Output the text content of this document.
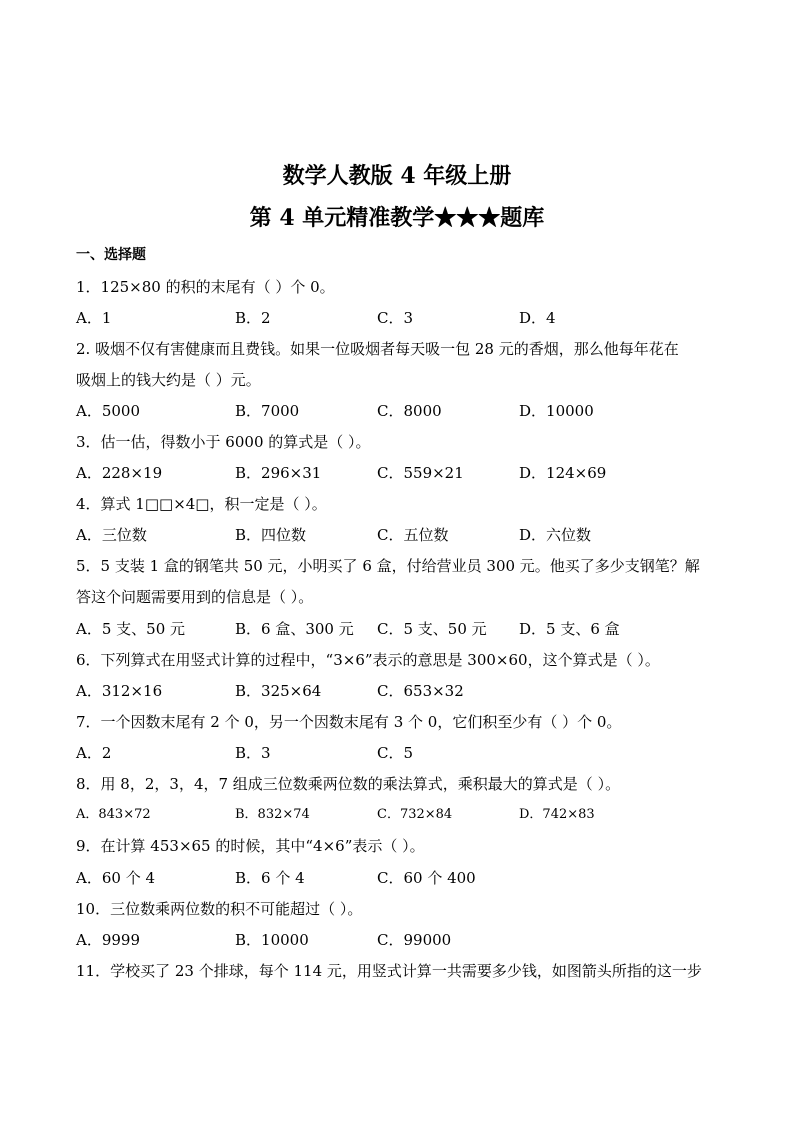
数学人教版 4 年级上册
第 4 单元精准教学★★★题库
一、选择题
1．125×80 的积的末尾有（ ）个 0。
A．1	B．2	C．3	D．4
2. 吸烟不仅有害健康而且费钱。如果一位吸烟者每天吸一包 28 元的香烟，那么他每年花在
吸烟上的钱大约是（ ）元。
A．5000	B．7000	C．8000	D．10000
3．估一估，得数小于 6000 的算式是（ ）。
A．228×19	B．296×31	C．559×21	D．124×69
4．算式 1□□×4□，积一定是（ ）。
A．三位数	B．四位数	C．五位数	D．六位数
5．5 支装 1 盒的钢笔共 50 元，小明买了 6 盒，付给营业员 300 元。他买了多少支钢笔？解
答这个问题需要用到的信息是（ ）。
A．5 支、50 元	B．6 盒、300 元 C．5 支、50 元 D．5 支、6 盒
6．下列算式在用竖式计算的过程中，“3×6”表示的意思是 300×60，这个算式是（ ）。
A．312×16	B．325×64	C．653×32
7．一个因数末尾有 2 个 0，另一个因数末尾有 3 个 0，它们积至少有（ ）个 0。
A．2	B．3	C．5
8．用 8，2，3，4，7 组成三位数乘两位数的乘法算式，乘积最大的算式是（ ）。
A．843×72	B．832×74	C．732×84	D．742×83
9．在计算 453×65 的时候，其中“4×6”表示（ ）。
A．60 个 4	B．6 个 4	C．60 个 400
10．三位数乘两位数的积不可能超过（ ）。
A．9999	B．10000	C．99000
11．学校买了 23 个排球，每个 114 元，用竖式计算一共需要多少钱，如图箭头所指的这一步
